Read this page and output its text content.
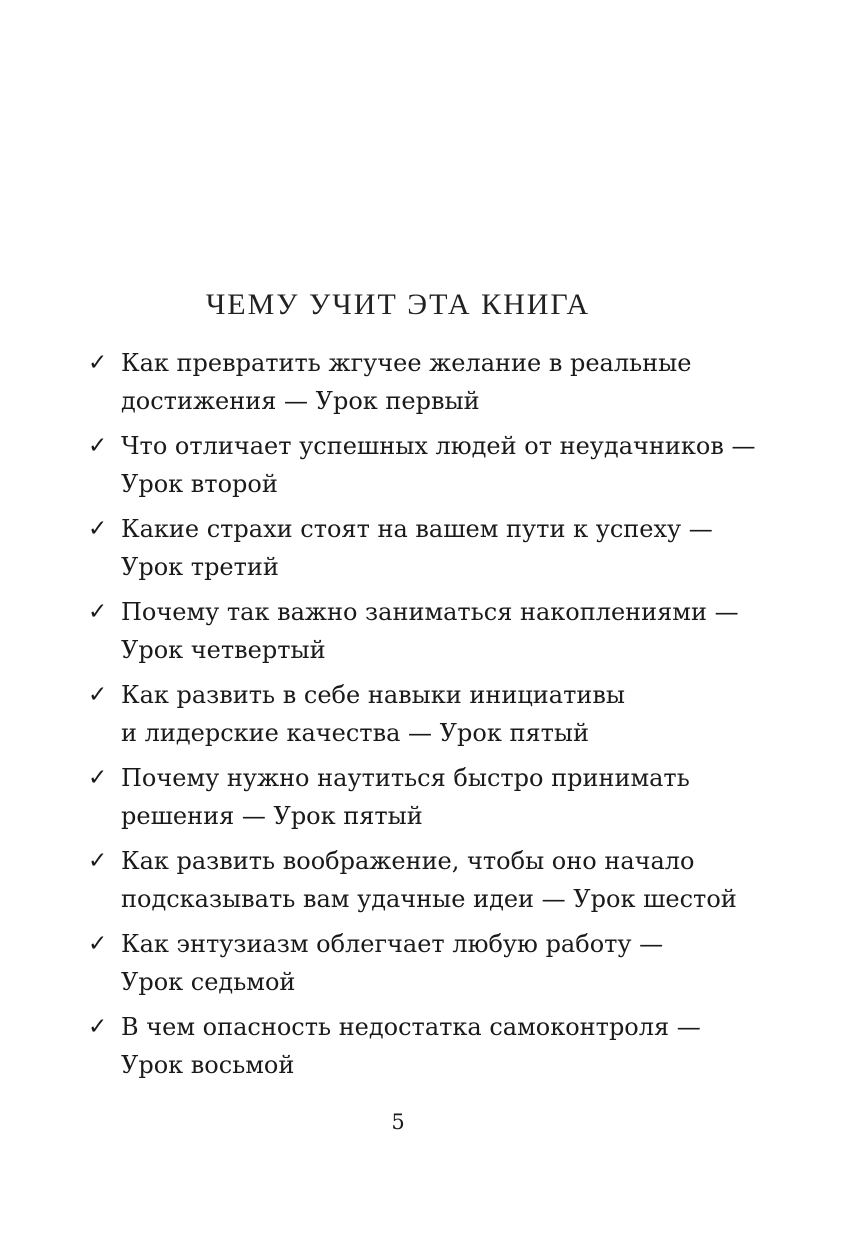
ЧЕМУ УЧИТ ЭТА КНИГА
✓ Как превратить жгучее желание в реальные
достижения — Урок первый
✓ Что отличает успешных людей от неудачников —
Урок второй
✓ Какие страхи стоят на вашем пути к успеху —
Урок третий
✓ Почему так важно заниматься накоплениями —
Урок четвертый
✓ Как развить в себе навыки инициативы
и лидерские качества — Урок пятый
✓ Почему нужно наутиться быстро принимать
решения — Урок пятый
✓ Как развить воображение, чтобы оно начало
подсказывать вам удачные идеи — Урок шестой
✓ Как энтузиазм облегчает любую работу —
Урок седьмой
✓ В чем опасность недостатка самоконтроля —
Урок восьмой
5
